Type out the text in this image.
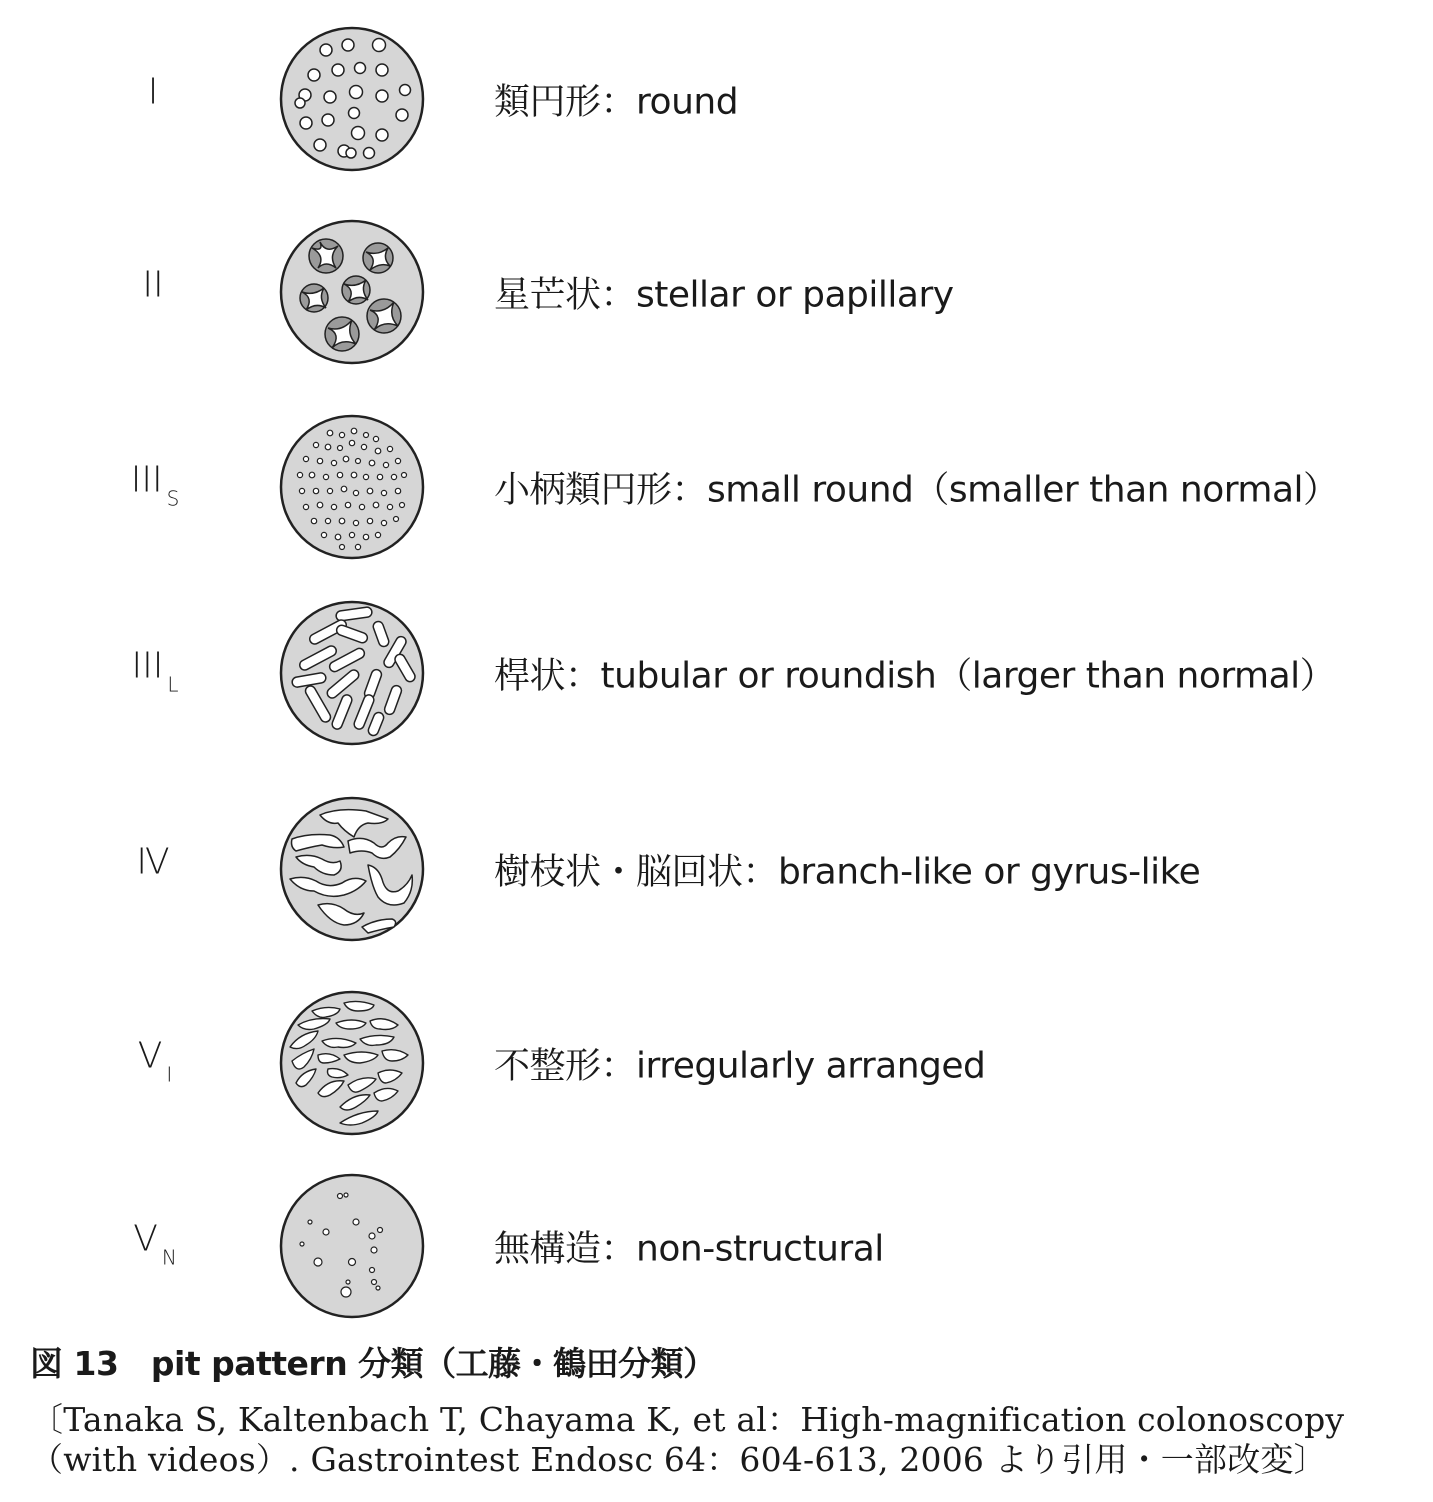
I	類円形：round
II	星芒状：stellar or papillary
III $_S$	小柄類円形：small round（smaller than normal）
III $_L$	桿状：tubular or roundish（larger than normal）
Ⅳ	樹枝状・脳回状：branch-like or gyrus-like
V $_I$	不整形：irregularly arranged
V $_N$	無構造：non-structural
図 13　pit pattern 分類（工藤・鶴田分類）
〔Tanaka S, Kaltenbach T, Chayama K, et al：High-magnification colonoscopy
（with videos）. Gastrointest Endosc 64：604-613, 2006 より引用・一部改変〕
